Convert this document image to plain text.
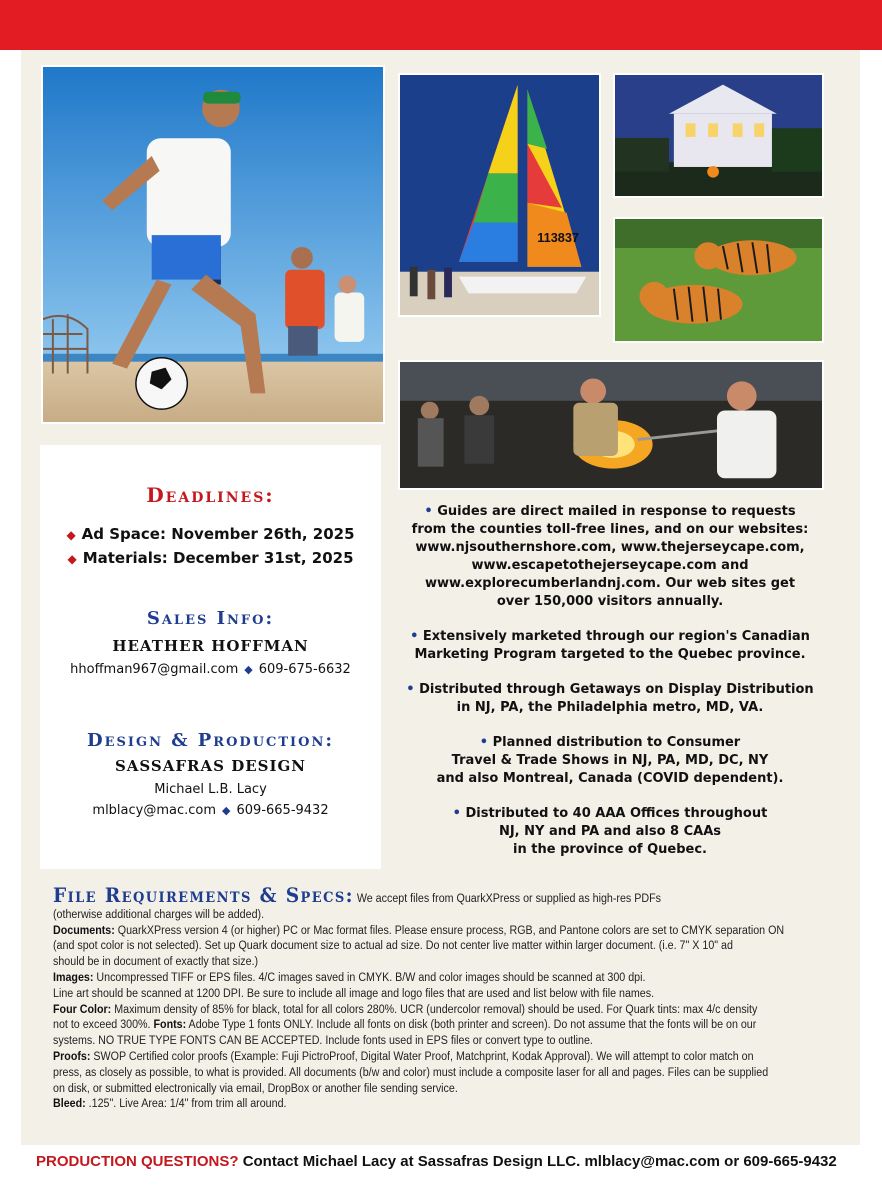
113837
Deadlines:
◆ Ad Space: November 26th, 2025
◆ Materials: December 31st, 2025
Sales Info:
HEATHER HOFFMAN
hhoffman967@gmail.com ◆ 609-675-6632
Design & Production:
SASSAFRAS DESIGN
Michael L.B. Lacy
mlblacy@mac.com ◆ 609-665-9432
• Guides are direct mailed in response to requests
from the counties toll-free lines, and on our websites:
www.njsouthernshore.com, www.thejerseycape.com,
www.escapetothejerseycape.com and
www.explorecumberlandnj.com. Our web sites get
over 150,000 visitors annually.
• Extensively marketed through our region's Canadian
Marketing Program targeted to the Quebec province.
• Distributed through Getaways on Display Distribution
in NJ, PA, the Philadelphia metro, MD, VA.
• Planned distribution to Consumer
Travel & Trade Shows in NJ, PA, MD, DC, NY
and also Montreal, Canada (COVID dependent).
• Distributed to 40 AAA Offices throughout
NJ, NY and PA and also 8 CAAs
in the province of Quebec.
File Requirements & Specs: We accept files from QuarkXPress or supplied as high-res PDFs
(otherwise additional charges will be added).
Documents: QuarkXPress version 4 (or higher) PC or Mac format files. Please ensure process, RGB, and Pantone colors are set to CMYK separation ON
(and spot color is not selected). Set up Quark document size to actual ad size. Do not center live matter within larger document. (i.e. 7" X 10" ad
should be in document of exactly that size.)
Images: Uncompressed TIFF or EPS files. 4/C images saved in CMYK. B/W and color images should be scanned at 300 dpi.
Line art should be scanned at 1200 DPI. Be sure to include all image and logo files that are used and list below with file names.
Four Color: Maximum density of 85% for black, total for all colors 280%. UCR (undercolor removal) should be used. For Quark tints: max 4/c density
not to exceed 300%. Fonts: Adobe Type 1 fonts ONLY. Include all fonts on disk (both printer and screen). Do not assume that the fonts will be on our
systems. NO TRUE TYPE FONTS CAN BE ACCEPTED. Include fonts used in EPS files or convert type to outline.
Proofs: SWOP Certified color proofs (Example: Fuji PictroProof, Digital Water Proof, Matchprint, Kodak Approval). We will attempt to color match on
press, as closely as possible, to what is provided. All documents (b/w and color) must include a composite laser for all and pages. Files can be supplied
on disk, or submitted electronically via email, DropBox or another file sending service.
Bleed: .125". Live Area: 1/4" from trim all around.
PRODUCTION QUESTIONS? Contact Michael Lacy at Sassafras Design LLC. mlblacy@mac.com or 609-665-9432
